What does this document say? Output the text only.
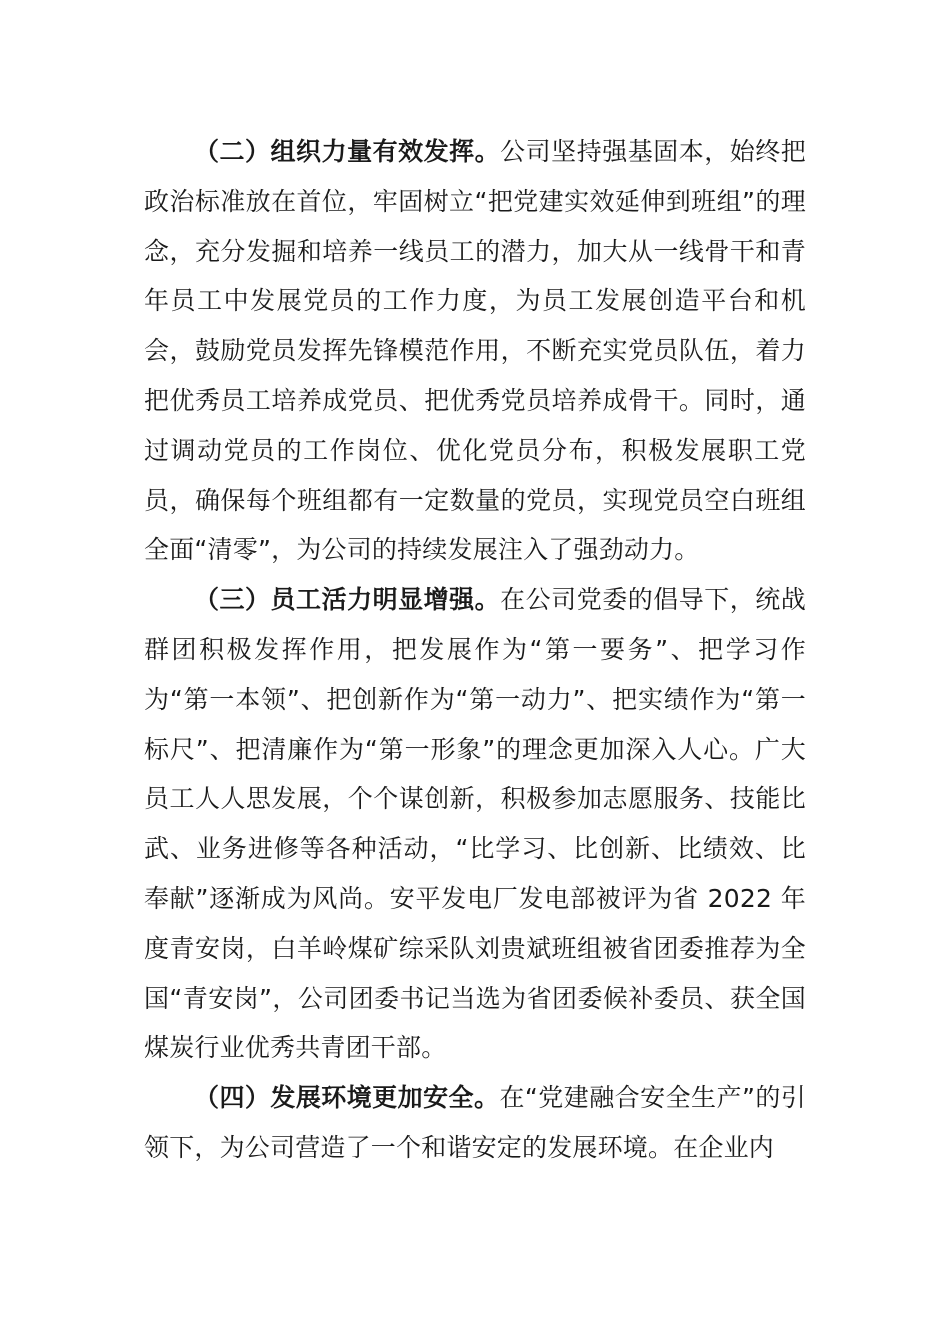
（二）组织力量有效发挥。公司坚持强基固本，始终把政治标准放在首位，牢固树立“把党建实效延伸到班组”的理念，充分发掘和培养一线员工的潜力，加大从一线骨干和青年员工中发展党员的工作力度，为员工发展创造平台和机会，鼓励党员发挥先锋模范作用，不断充实党员队伍，着力把优秀员工培养成党员、把优秀党员培养成骨干。同时，通过调动党员的工作岗位、优化党员分布，积极发展职工党员，确保每个班组都有一定数量的党员，实现党员空白班组全面“清零”，为公司的持续发展注入了强劲动力。

（三）员工活力明显增强。在公司党委的倡导下，统战群团积极发挥作用，把发展作为“第一要务”、把学习作为“第一本领”、把创新作为“第一动力”、把实绩作为“第一标尺”、把清廉作为“第一形象”的理念更加深入人心。广大员工人人思发展，个个谋创新，积极参加志愿服务、技能比武、业务进修等各种活动，“比学习、比创新、比绩效、比奉献”逐渐成为风尚。安平发电厂发电部被评为省 2022 年度青安岗，白羊岭煤矿综采队刘贵斌班组被省团委推荐为全国“青安岗”，公司团委书记当选为省团委候补委员、获全国煤炭行业优秀共青团干部。

（四）发展环境更加安全。在“党建融合安全生产”的引领下，为公司营造了一个和谐安定的发展环境。在企业内
